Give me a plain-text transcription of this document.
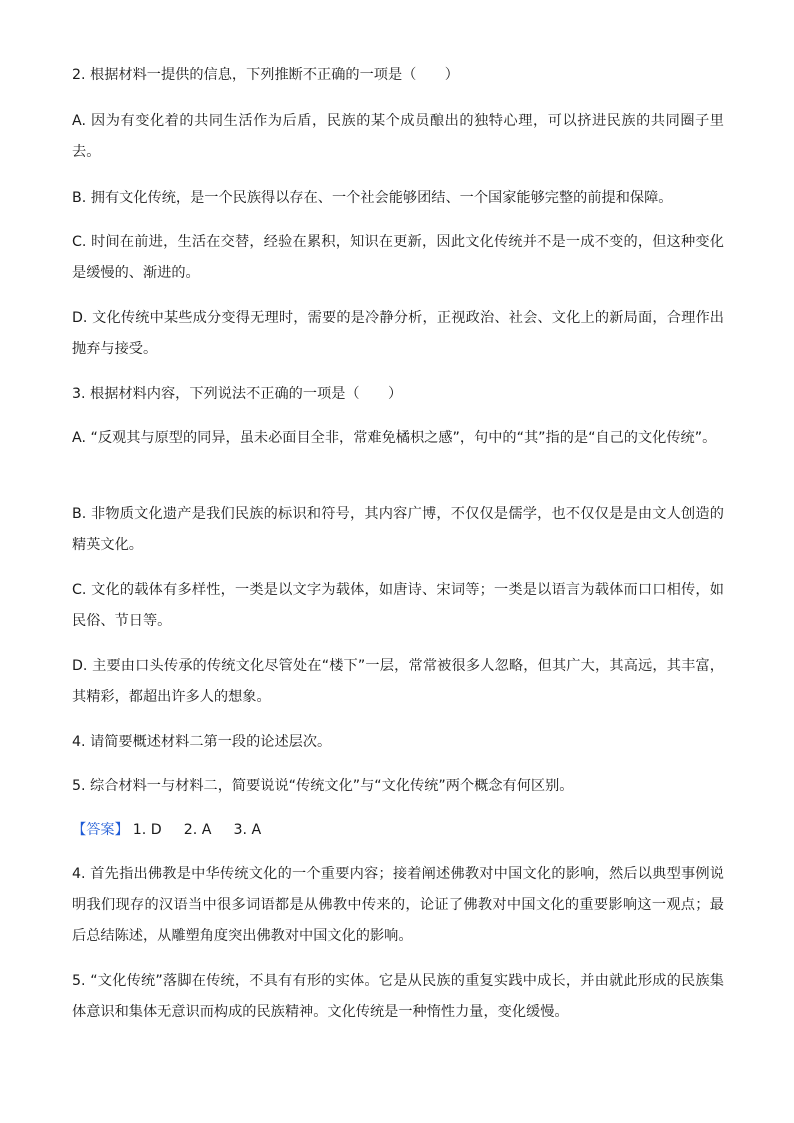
2. 根据材料一提供的信息，下列推断不正确的一项是（　　）

A. 因为有变化着的共同生活作为后盾，民族的某个成员酿出的独特心理，可以挤进民族的共同圈子里去。

B. 拥有文化传统，是一个民族得以存在、一个社会能够团结、一个国家能够完整的前提和保障。

C. 时间在前进，生活在交替，经验在累积，知识在更新，因此文化传统并不是一成不变的，但这种变化是缓慢的、渐进的。

D. 文化传统中某些成分变得无理时，需要的是冷静分析，正视政治、社会、文化上的新局面，合理作出抛弃与接受。

3. 根据材料内容，下列说法不正确的一项是（　　）

A. “反观其与原型的同异，虽未必面目全非，常难免橘枳之感”，句中的“其”指的是“自己的文化传统”。

B. 非物质文化遗产是我们民族的标识和符号，其内容广博，不仅仅是儒学，也不仅仅是是由文人创造的精英文化。

C. 文化的载体有多样性，一类是以文字为载体，如唐诗、宋词等；一类是以语言为载体而口口相传，如民俗、节日等。

D. 主要由口头传承的传统文化尽管处在“楼下”一层，常常被很多人忽略，但其广大，其高远，其丰富，其精彩，都超出许多人的想象。

4. 请简要概述材料二第一段的论述层次。

5. 综合材料一与材料二，简要说说“传统文化”与“文化传统”两个概念有何区别。

【答案】 1. D 2. A 3. A

4. 首先指出佛教是中华传统文化的一个重要内容；接着阐述佛教对中国文化的影响，然后以典型事例说明我们现存的汉语当中很多词语都是从佛教中传来的，论证了佛教对中国文化的重要影响这一观点；最后总结陈述，从雕塑角度突出佛教对中国文化的影响。

5. “文化传统”落脚在传统，不具有有形的实体。它是从民族的重复实践中成长，并由就此形成的民族集体意识和集体无意识而构成的民族精神。文化传统是一种惰性力量，变化缓慢。
